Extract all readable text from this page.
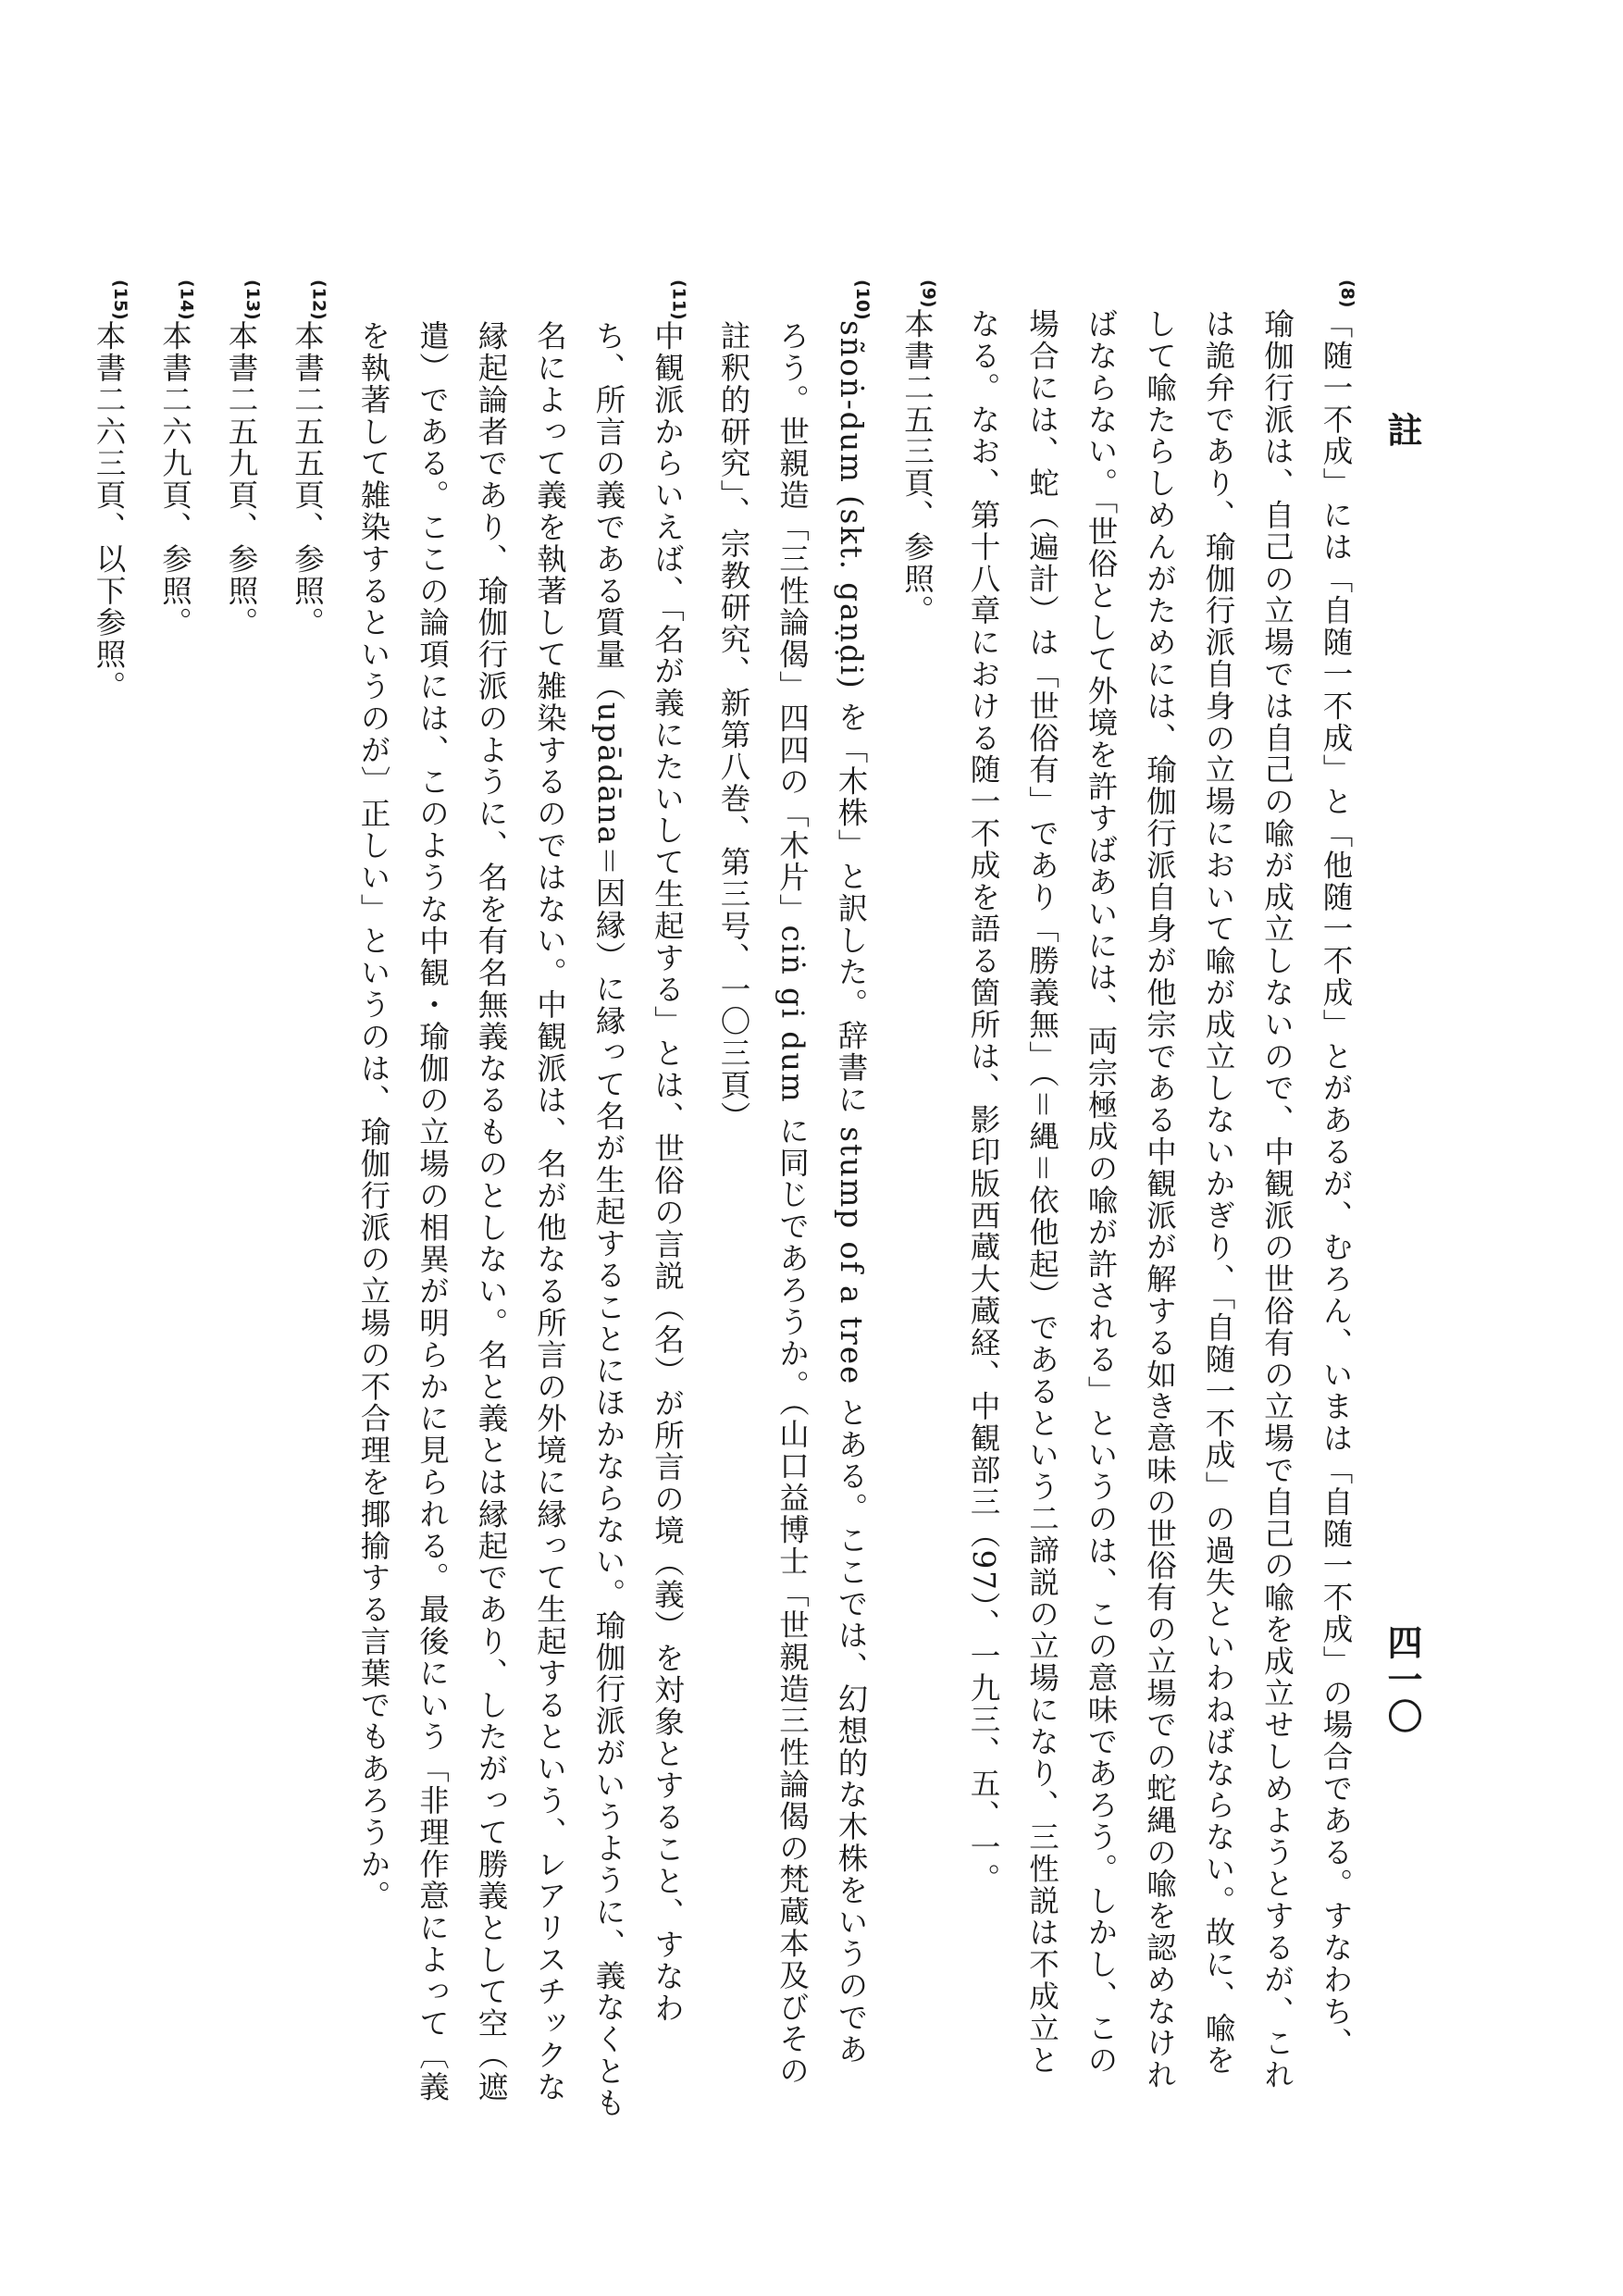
註
四一〇
(8)
「随一不成」には「自随一不成」と「他随一不成」とがあるが、むろん、いまは「自随一不成」の場合である。すなわち、
瑜伽行派は、自己の立場では自己の喩が成立しないので、中観派の世俗有の立場で自己の喩を成立せしめようとするが、これ
は詭弁であり、瑜伽行派自身の立場において喩が成立しないかぎり、「自随一不成」の過失といわねばならない。故に、喩を
して喩たらしめんがためには、瑜伽行派自身が他宗である中観派が解する如き意味の世俗有の立場での蛇縄の喩を認めなけれ
ばならない。「世俗として外境を許すばあいには、両宗極成の喩が許される」というのは、この意味であろう。しかし、この
場合には、蛇（遍計）は「世俗有」であり「勝義無」（＝縄＝依他起）であるという二諦説の立場になり、三性説は不成立と
なる。なお、第十八章における随一不成を語る箇所は、影印版西蔵大蔵経、中観部三（97）、一九三、五、一。
(9)
本書二五三頁、参照。
(10)
sñoṅ-dum (skt. gaṇḍi) を「木株」と訳した。辞書に stump of a tree とある。ここでは、幻想的な木株をいうのであ
ろう。世親造「三性論偈」四四の「木片」ciṅ gi dum に同じであろうか。（山口益博士「世親造三性論偈の梵蔵本及びその
註釈的研究」、宗教研究、新第八巻、第三号、一〇三頁）
(11)
中観派からいえば、「名が義にたいして生起する」とは、世俗の言説（名）が所言の境（義）を対象とすること、すなわ
ち、所言の義である質量（upādāna＝因縁）に縁って名が生起することにほかならない。瑜伽行派がいうように、義なくとも
名によって義を執著して雑染するのではない。中観派は、名が他なる所言の外境に縁って生起するという、レアリスチックな
縁起論者であり、瑜伽行派のように、名を有名無義なるものとしない。名と義とは縁起であり、したがって勝義として空（遮
遣）である。ここの論項には、このような中観・瑜伽の立場の相異が明らかに見られる。最後にいう「非理作意によって〔義
を執著して雑染するというのが〕正しい」というのは、瑜伽行派の立場の不合理を揶揄する言葉でもあろうか。
(12)
本書二五五頁、参照。
(13)
本書二五九頁、参照。
(14)
本書二六九頁、参照。
(15)
本書二六三頁、以下参照。
